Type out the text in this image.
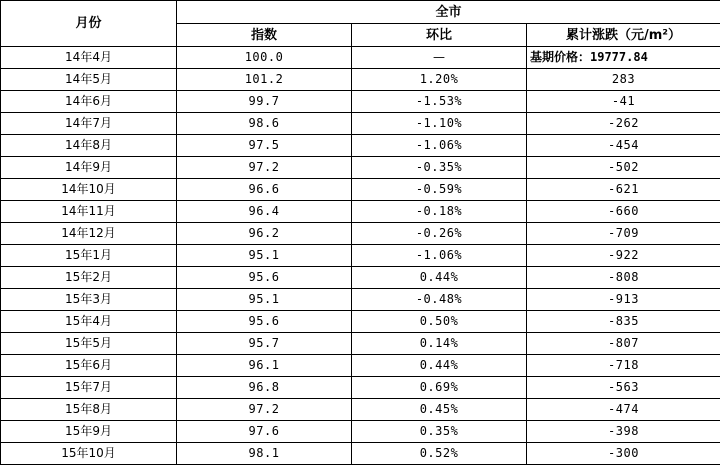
月份	全市		
	指数	环比	累计涨跌（元/m²）
14年4月	100.0	—	基期价格：19777.84
14年5月	101.2	1.20%	283
14年6月	99.7	-1.53%	-41
14年7月	98.6	-1.10%	-262
14年8月	97.5	-1.06%	-454
14年9月	97.2	-0.35%	-502
14年10月	96.6	-0.59%	-621
14年11月	96.4	-0.18%	-660
14年12月	96.2	-0.26%	-709
15年1月	95.1	-1.06%	-922
15年2月	95.6	0.44%	-808
15年3月	95.1	-0.48%	-913
15年4月	95.6	0.50%	-835
15年5月	95.7	0.14%	-807
15年6月	96.1	0.44%	-718
15年7月	96.8	0.69%	-563
15年8月	97.2	0.45%	-474
15年9月	97.6	0.35%	-398
15年10月	98.1	0.52%	-300
